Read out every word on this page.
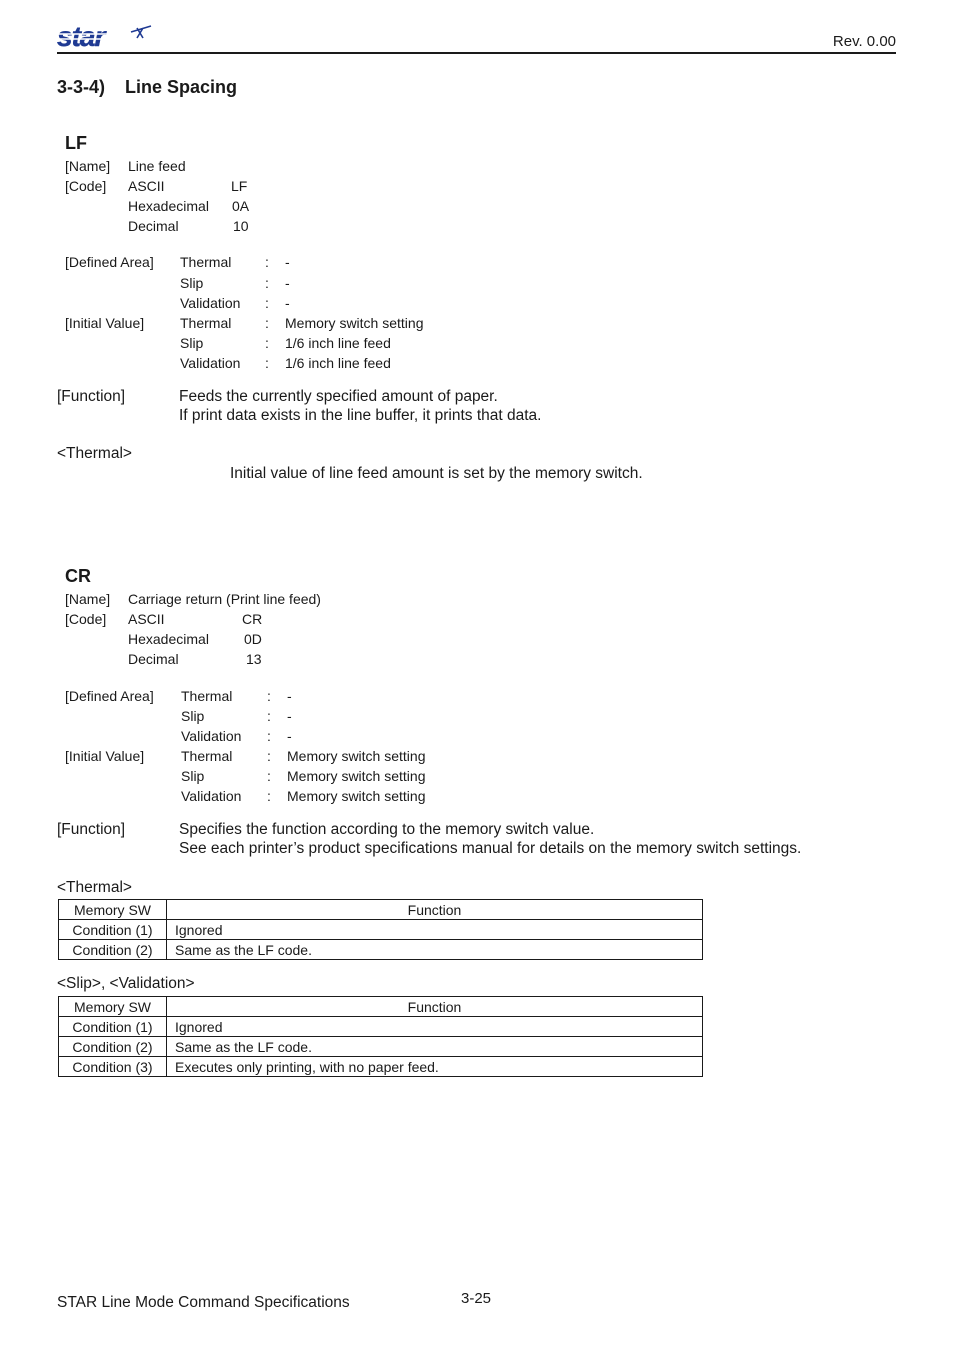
star	Rev. 0.00
3-3-4)    Line Spacing
LF
[Name] Line feed
[Code] ASCII	LF
Hexadecimal 0A
Decimal	10
[Defined Area] Thermal : -
Slip	: -
Validation : -
[Initial Value]	Thermal : Memory switch setting
Slip	: 1/6 inch line feed
Validation : 1/6 inch line feed
[Function]	Feeds the currently specified amount of paper.
If print data exists in the line buffer, it prints that data.
<Thermal>
Initial value of line feed amount is set by the memory switch.
CR
[Name] Carriage return (Print line feed)
[Code] ASCII	CR
Hexadecimal	0D
Decimal	13
[Defined Area] Thermal : -
Slip	: -
Validation : -
[Initial Value]	Thermal : Memory switch setting
Slip	: Memory switch setting
Validation : Memory switch setting
[Function]	Specifies the function according to the memory switch value.
See each printer’s product specifications manual for details on the memory switch settings.
<Thermal>
Memory SW	Function
Condition (1)	Ignored
Condition (2)	Same as the LF code.
<Slip>, <Validation>
Memory SW	Function
Condition (1)	Ignored
Condition (2)	Same as the LF code.
Condition (3)	Executes only printing, with no paper feed.
3-25
STAR Line Mode Command Specifications
